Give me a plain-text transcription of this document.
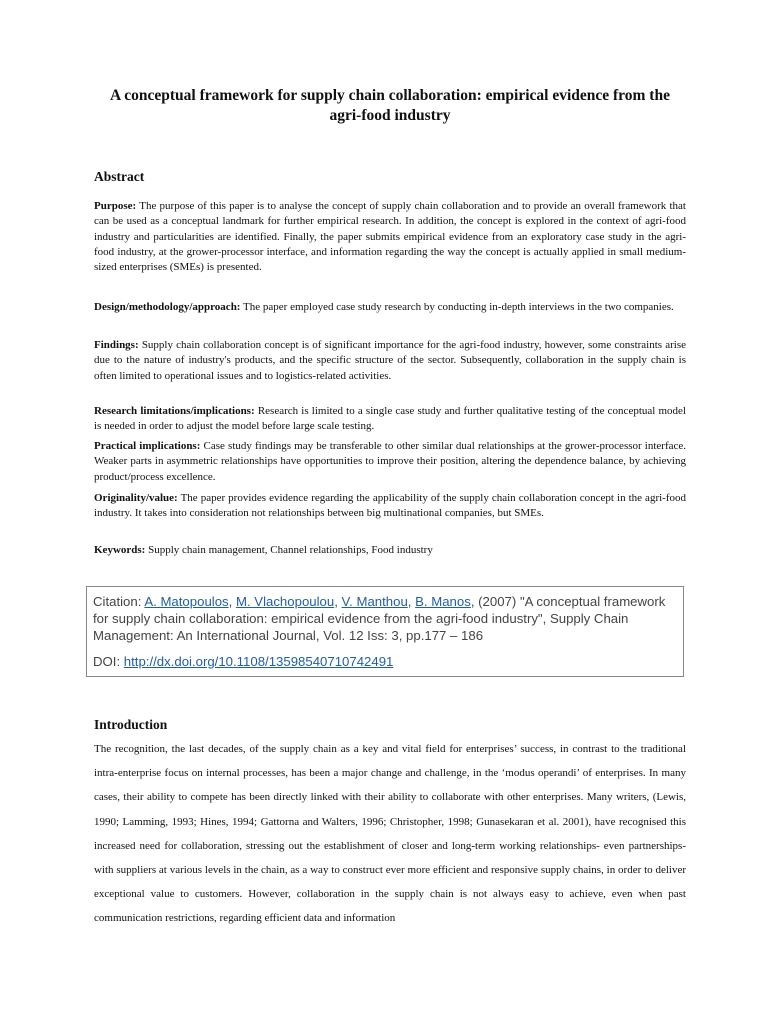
A conceptual framework for supply chain collaboration: empirical evidence from the agri-food industry
Abstract

Purpose: The purpose of this paper is to analyse the concept of supply chain collaboration and to provide an overall framework that can be used as a conceptual landmark for further empirical research. In addition, the concept is explored in the context of agri-food industry and particularities are identified. Finally, the paper submits empirical evidence from an exploratory case study in the agri-food industry, at the grower-processor interface, and information regarding the way the concept is actually applied in small medium-sized enterprises (SMEs) is presented.

Design/methodology/approach: The paper employed case study research by conducting in-depth interviews in the two companies.

Findings: Supply chain collaboration concept is of significant importance for the agri-food industry, however, some constraints arise due to the nature of industry's products, and the specific structure of the sector. Subsequently, collaboration in the supply chain is often limited to operational issues and to logistics-related activities.

Research limitations/implications: Research is limited to a single case study and further qualitative testing of the conceptual model is needed in order to adjust the model before large scale testing.

Practical implications: Case study findings may be transferable to other similar dual relationships at the grower-processor interface. Weaker parts in asymmetric relationships have opportunities to improve their position, altering the dependence balance, by achieving product/process excellence.

Originality/value: The paper provides evidence regarding the applicability of the supply chain collaboration concept in the agri-food industry. It takes into consideration not relationships between big multinational companies, but SMEs.

Keywords: Supply chain management, Channel relationships, Food industry

Citation: A. Matopoulos, M. Vlachopoulou, V. Manthou, B. Manos, (2007) "A conceptual framework for supply chain collaboration: empirical evidence from the agri-food industry", Supply Chain Management: An International Journal, Vol. 12 Iss: 3, pp.177 – 186
DOI: http://dx.doi.org/10.1108/13598540710742491
Introduction

The recognition, the last decades, of the supply chain as a key and vital field for enterprises’ success, in contrast to the traditional intra-enterprise focus on internal processes, has been a major change and challenge, in the ‘modus operandi’ of enterprises. In many cases, their ability to compete has been directly linked with their ability to collaborate with other enterprises. Many writers, (Lewis, 1990; Lamming, 1993; Hines, 1994; Gattorna and Walters, 1996; Christopher, 1998; Gunasekaran et al. 2001), have recognised this increased need for collaboration, stressing out the establishment of closer and long-term working relationships- even partnerships- with suppliers at various levels in the chain, as a way to construct ever more efficient and responsive supply chains, in order to deliver exceptional value to customers. However, collaboration in the supply chain is not always easy to achieve, even when past communication restrictions, regarding efficient data and information
